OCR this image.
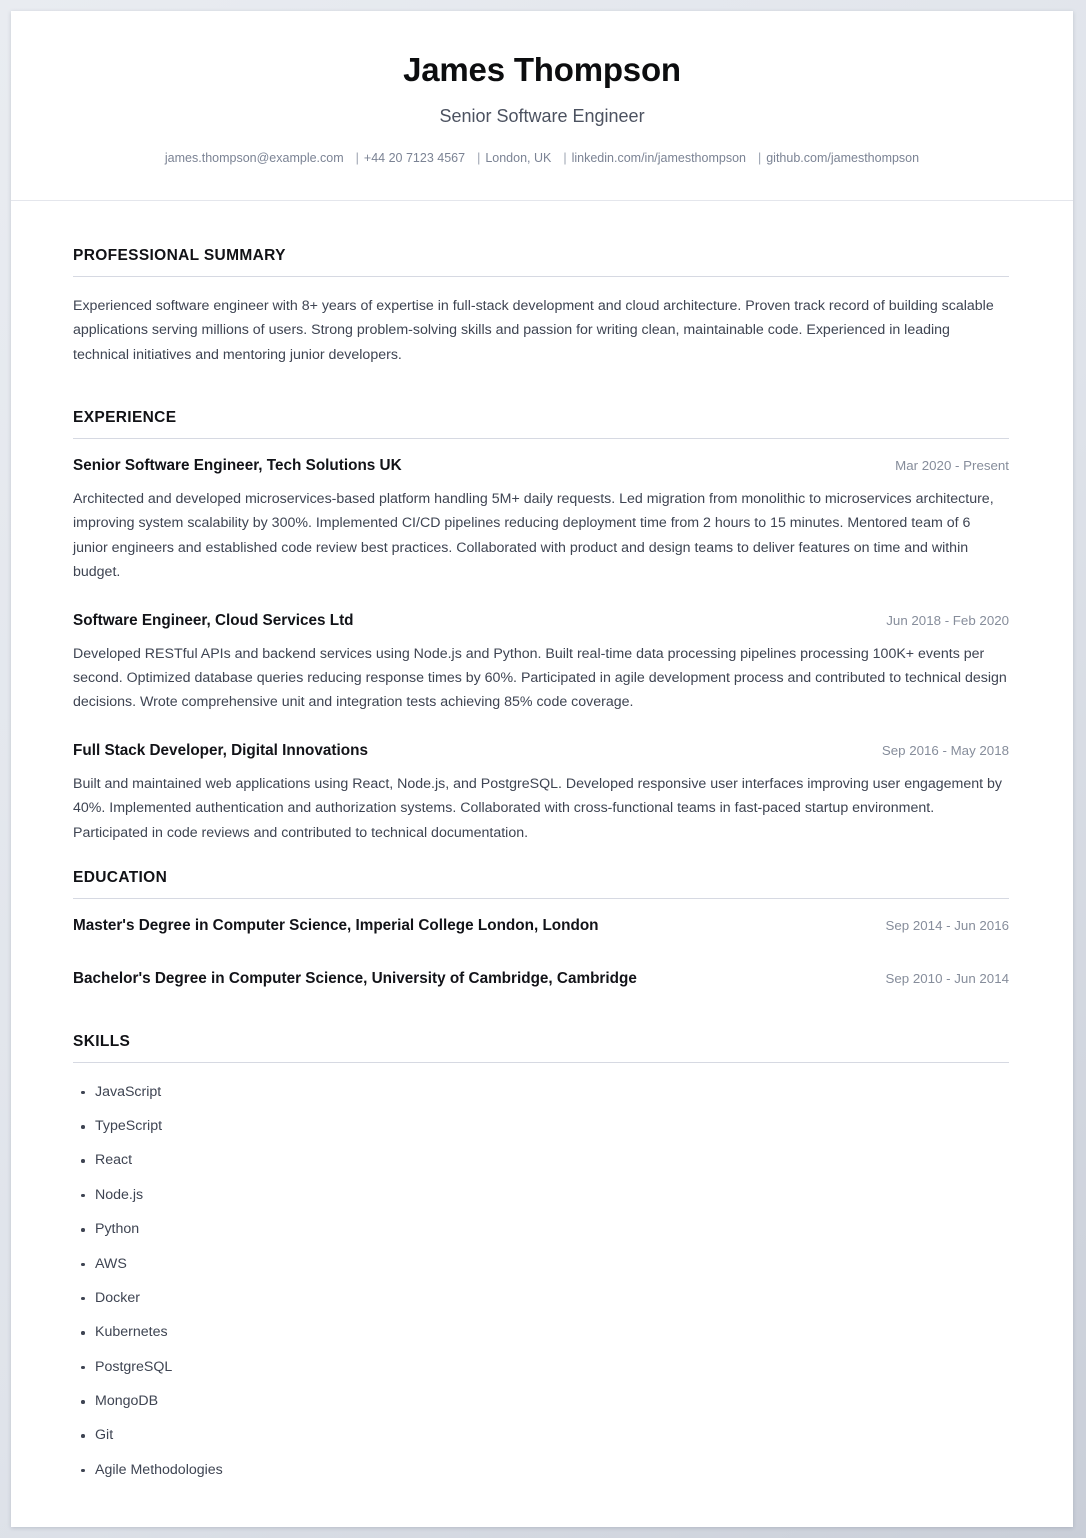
James Thompson
Senior Software Engineer
james.thompson@example.com | +44 20 7123 4567 | London, UK | linkedin.com/in/jamesthompson | github.com/jamesthompson
PROFESSIONAL SUMMARY

Experienced software engineer with 8+ years of expertise in full-stack development and cloud architecture. Proven track record of building scalable applications serving millions of users. Strong problem-solving skills and passion for writing clean, maintainable code. Experienced in leading technical initiatives and mentoring junior developers.

EXPERIENCE
Senior Software Engineer, Tech Solutions UK	Mar 2020 - Present

Architected and developed microservices-based platform handling 5M+ daily requests. Led migration from monolithic to microservices architecture, improving system scalability by 300%. Implemented CI/CD pipelines reducing deployment time from 2 hours to 15 minutes. Mentored team of 6 junior engineers and established code review best practices. Collaborated with product and design teams to deliver features on time and within budget.

Software Engineer, Cloud Services Ltd	Jun 2018 - Feb 2020

Developed RESTful APIs and backend services using Node.js and Python. Built real-time data processing pipelines processing 100K+ events per second. Optimized database queries reducing response times by 60%. Participated in agile development process and contributed to technical design decisions. Wrote comprehensive unit and integration tests achieving 85% code coverage.

Full Stack Developer, Digital Innovations	Sep 2016 - May 2018

Built and maintained web applications using React, Node.js, and PostgreSQL. Developed responsive user interfaces improving user engagement by 40%. Implemented authentication and authorization systems. Collaborated with cross-functional teams in fast-paced startup environment. Participated in code reviews and contributed to technical documentation.

EDUCATION
Master's Degree in Computer Science, Imperial College London, London	Sep 2014 - Jun 2016
Bachelor's Degree in Computer Science, University of Cambridge, Cambridge	Sep 2010 - Jun 2014
SKILLS
JavaScript
TypeScript
React
Node.js
Python
AWS
Docker
Kubernetes
PostgreSQL
MongoDB
Git
Agile Methodologies
